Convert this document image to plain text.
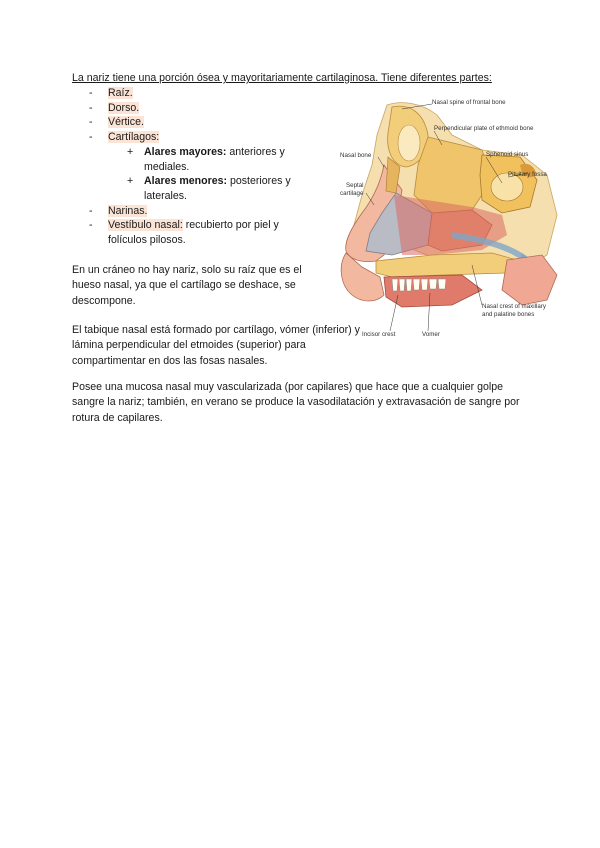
La nariz tiene una porción ósea y mayoritariamente cartilaginosa. Tiene diferentes partes:
- Raíz.
- Dorso.
- Vértice.
- Cartílagos:
+ Alares mayores: anteriores y mediales.
+ Alares menores: posteriores y laterales.
- Narinas.
- Vestíbulo nasal: recubierto por piel y folículos pilosos.
En un cráneo no hay nariz, solo su raíz que es el hueso nasal, ya que el cartílago se deshace, se descompone.
El tabique nasal está formado por cartílago, vómer (inferior) y lámina perpendicular del etmoides (superior) para compartimentar en dos las fosas nasales.
Posee una mucosa nasal muy vascularizada (por capilares) que hace que a cualquier golpe sangre la nariz; también, en verano se produce la vasodilatación y extravasación de sangre por rotura de capilares.
Nasal spine of frontal bone
Perpendicular plate of ethmoid bone
Nasal bone	Sphenoid sinus
Septal
cartilage
Pituitary fossa
Nasal crest of maxillary
and palatine bones
Incisor crest	Vomer
